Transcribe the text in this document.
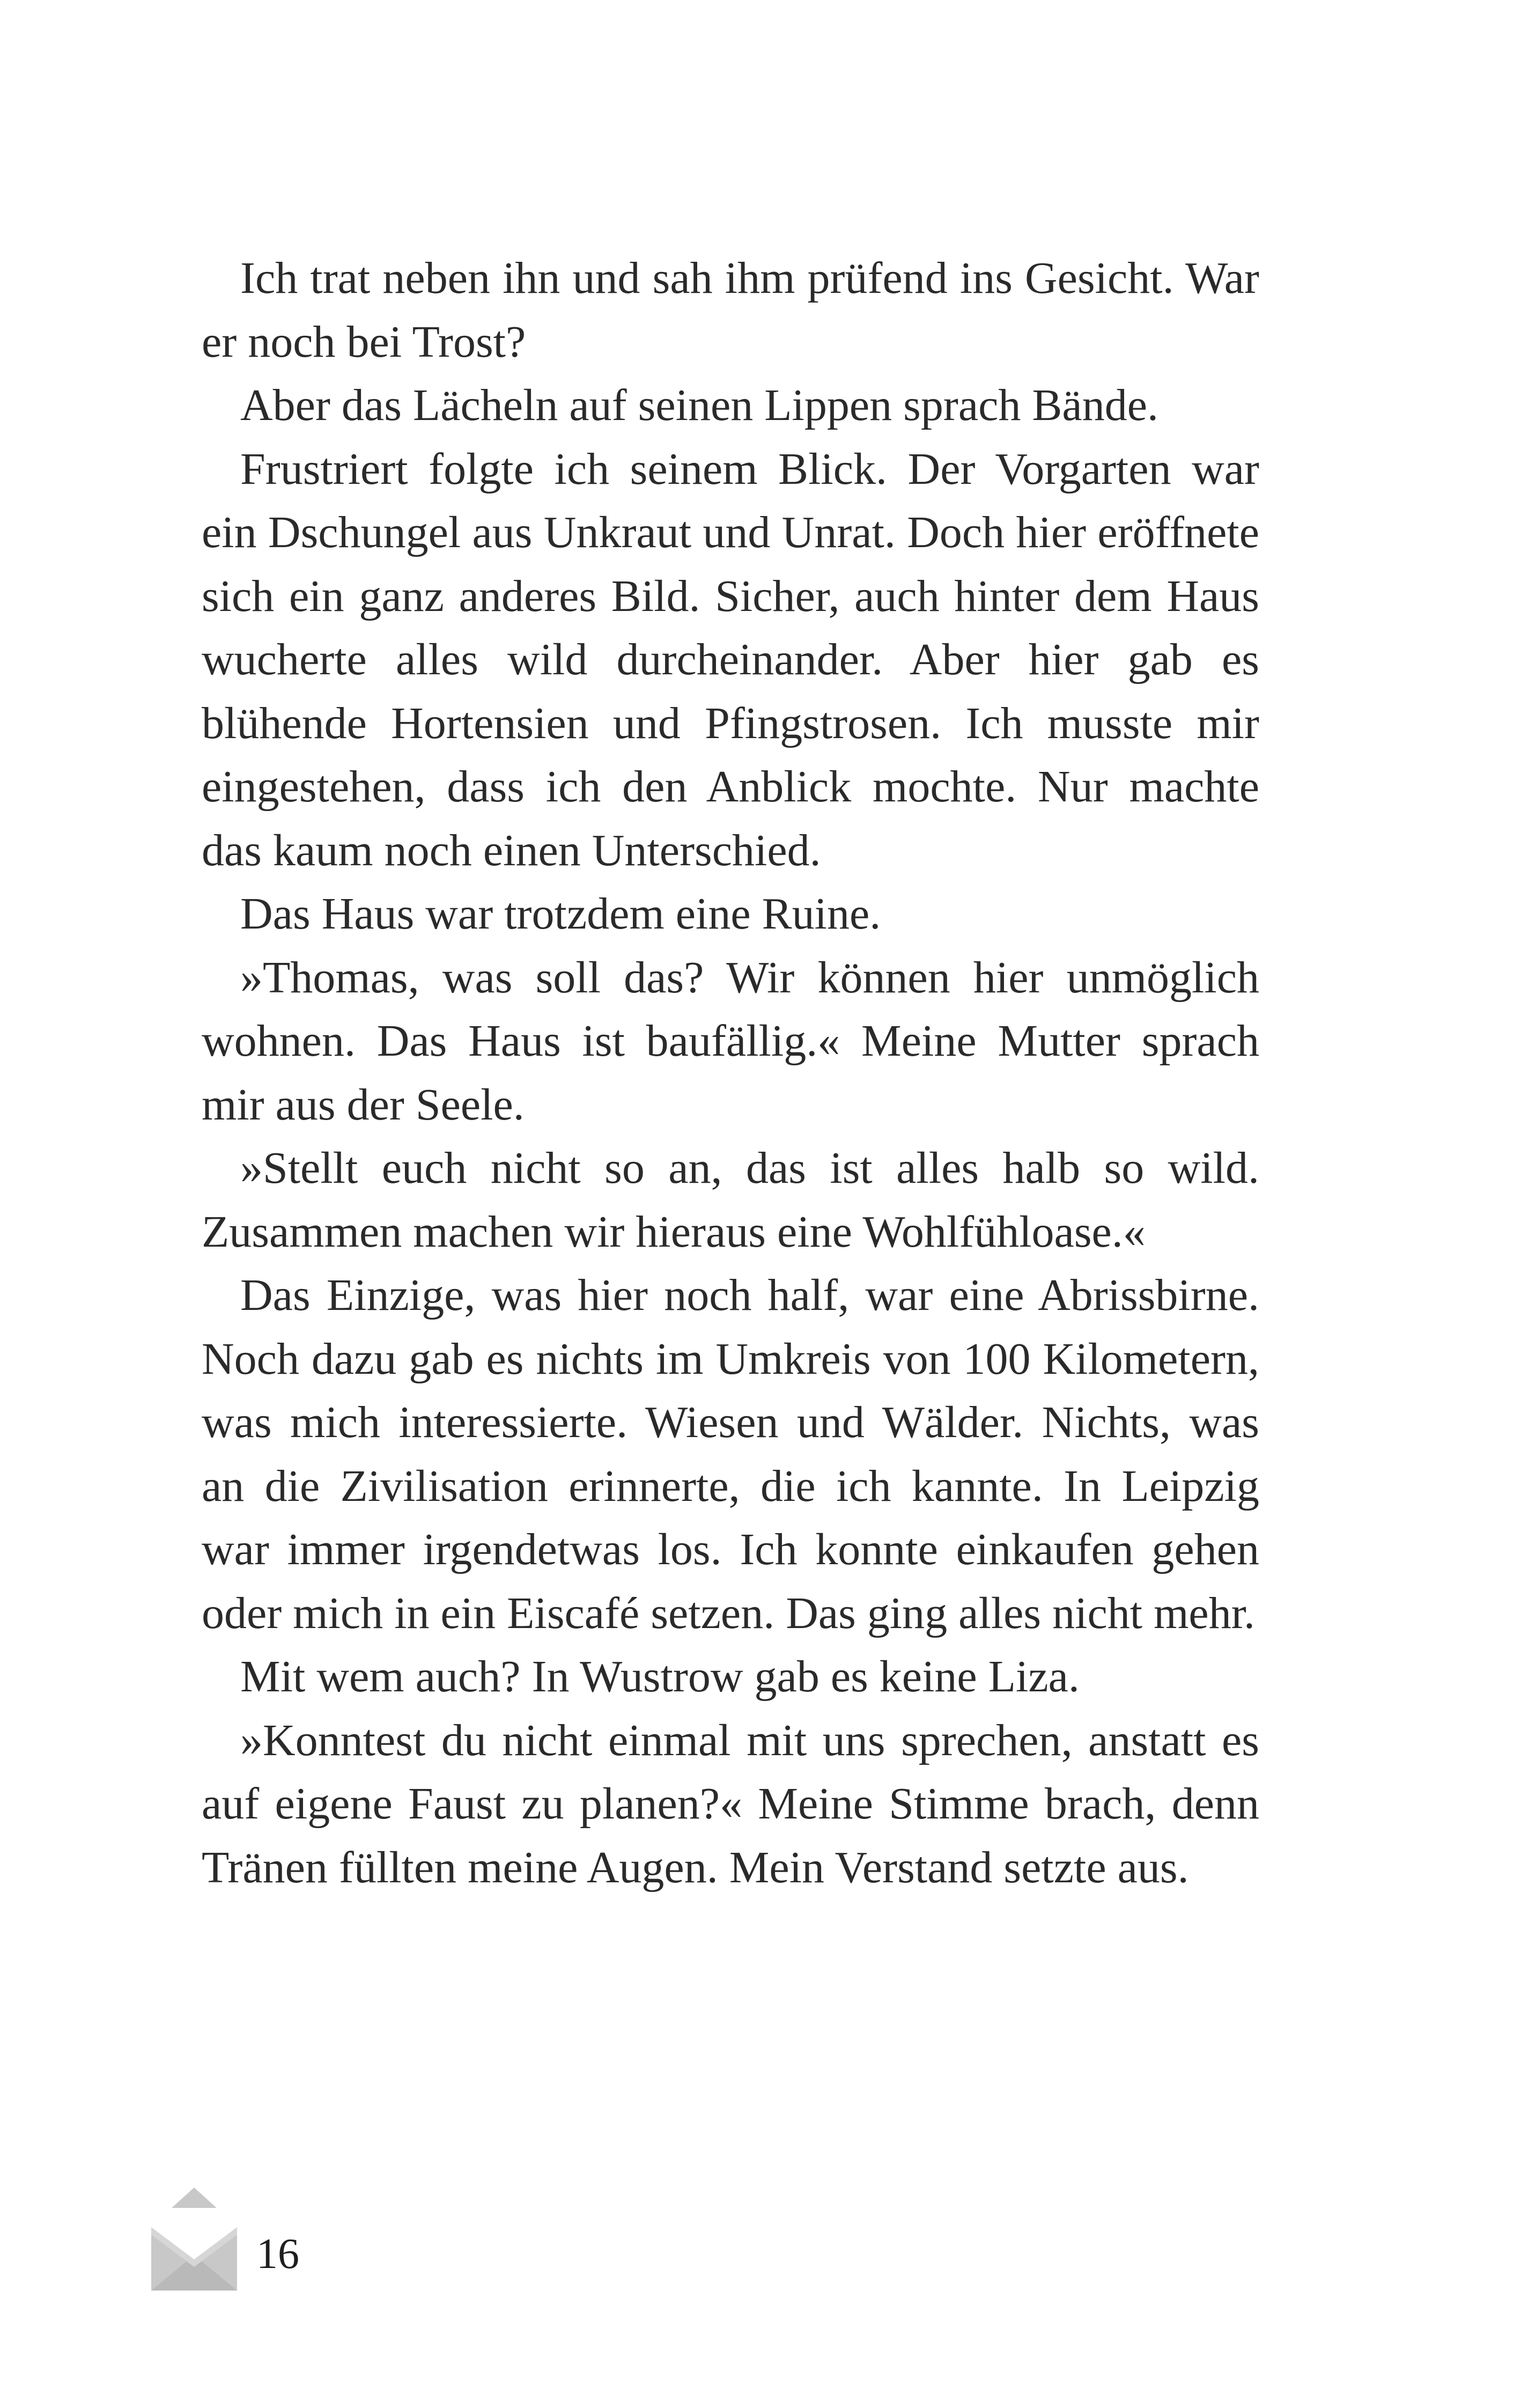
Ich trat neben ihn und sah ihm prüfend ins Gesicht. War er noch bei Trost?

Aber das Lächeln auf seinen Lippen sprach Bände.

Frustriert folgte ich seinem Blick. Der Vorgarten war ein Dschungel aus Unkraut und Unrat. Doch hier eröffnete sich ein ganz anderes Bild. Sicher, auch hinter dem Haus wucherte alles wild durcheinander. Aber hier gab es blühende Hortensien und Pfingstrosen. Ich musste mir eingestehen, dass ich den Anblick mochte. Nur machte das kaum noch einen Unterschied.

Das Haus war trotzdem eine Ruine.

»Thomas, was soll das? Wir können hier unmöglich wohnen. Das Haus ist baufällig.« Meine Mutter sprach mir aus der Seele.

»Stellt euch nicht so an, das ist alles halb so wild. Zusammen machen wir hieraus eine Wohlfühloase.«

Das Einzige, was hier noch half, war eine Abrissbirne. Noch dazu gab es nichts im Umkreis von 100 Kilometern, was mich interessierte. Wiesen und Wälder. Nichts, was an die Zivilisation erinnerte, die ich kannte. In Leipzig war immer irgendetwas los. Ich konnte einkaufen gehen oder mich in ein Eiscafé setzen. Das ging alles nicht mehr.

Mit wem auch? In Wustrow gab es keine Liza.

»Konntest du nicht einmal mit uns sprechen, anstatt es auf eigene Faust zu planen?« Meine Stimme brach, denn Tränen füllten meine Augen. Mein Verstand setzte aus.

16
